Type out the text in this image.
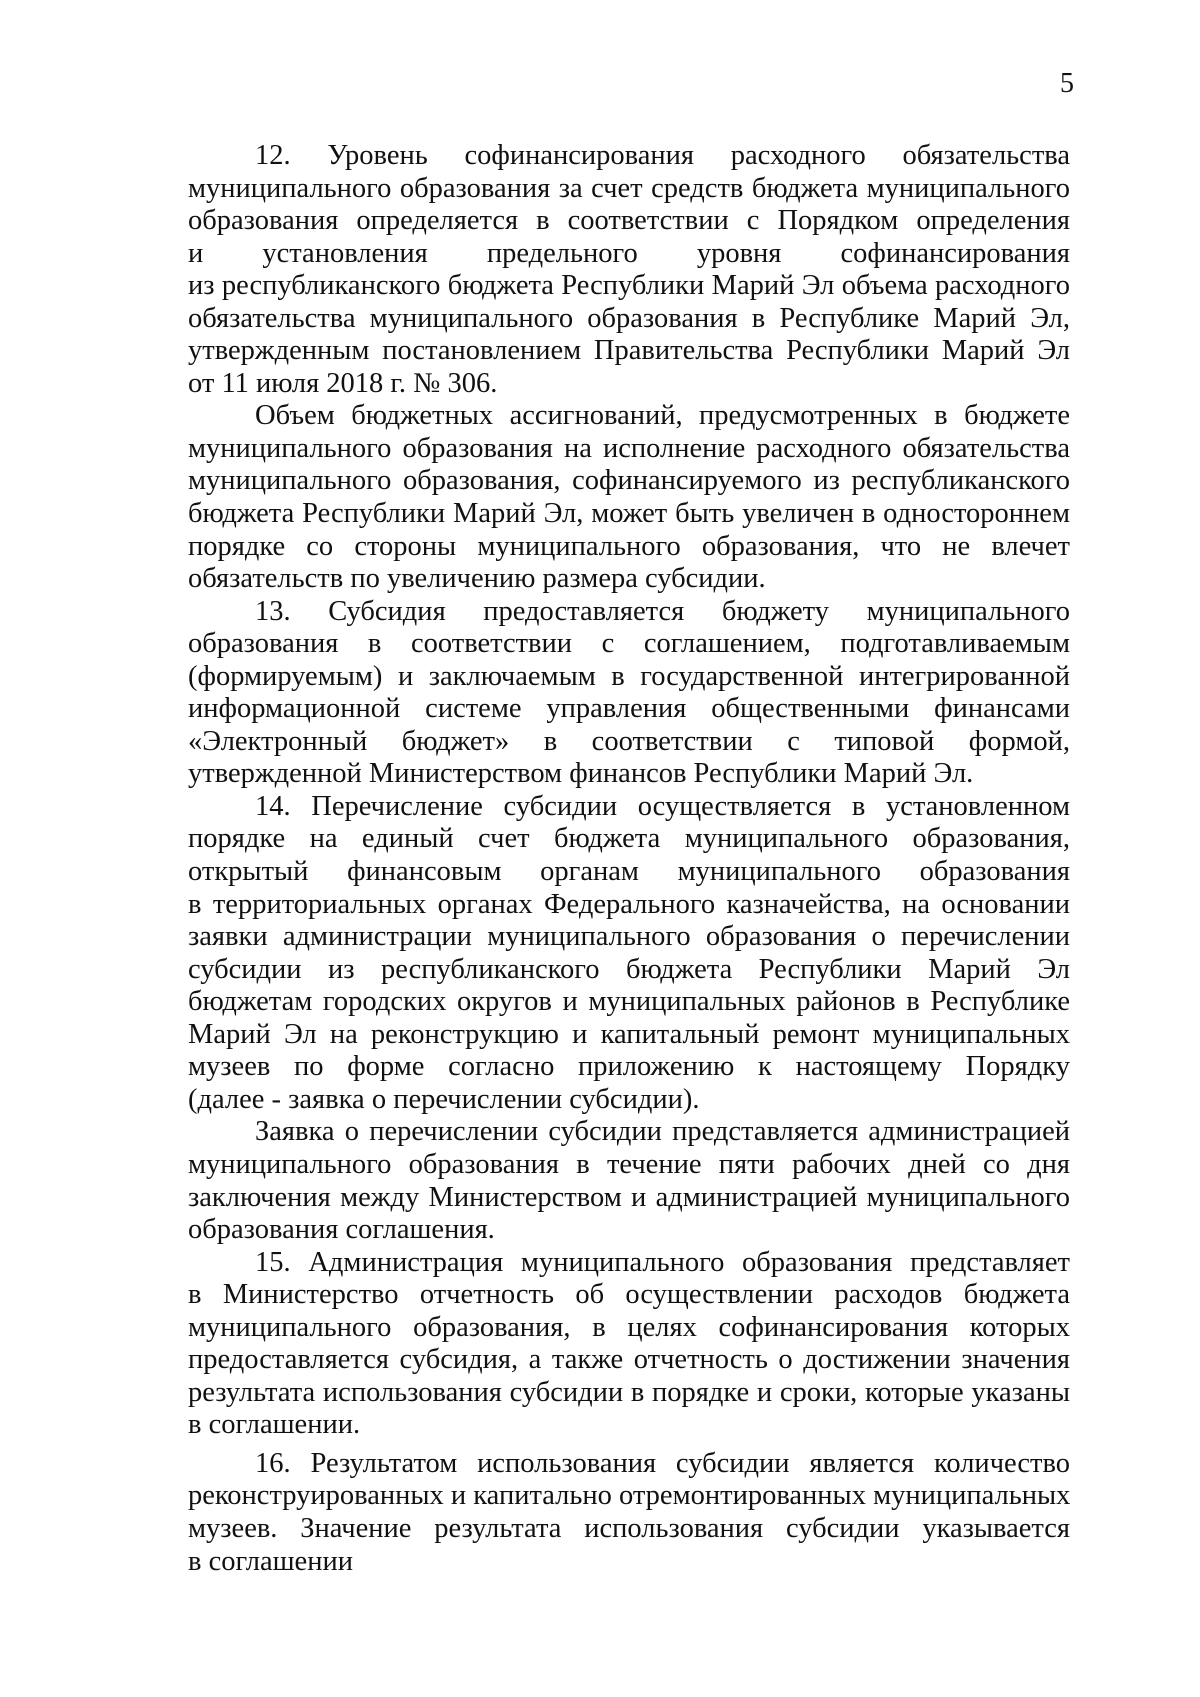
5
12. Уровень софинансирования расходного обязательства
муниципального образования за счет средств бюджета муниципального
образования определяется в соответствии с Порядком определения
и установления предельного уровня софинансирования
из республиканского бюджета Республики Марий Эл объема расходного
обязательства муниципального образования в Республике Марий Эл,
утвержденным постановлением Правительства Республики Марий Эл
от 11 июля 2018 г. № 306.
Объем бюджетных ассигнований, предусмотренных в бюджете
муниципального образования на исполнение расходного обязательства
муниципального образования, софинансируемого из республиканского
бюджета Республики Марий Эл, может быть увеличен в одностороннем
порядке со стороны муниципального образования, что не влечет
обязательств по увеличению размера субсидии.
13. Субсидия предоставляется бюджету муниципального
образования в соответствии с соглашением, подготавливаемым
(формируемым) и заключаемым в государственной интегрированной
информационной системе управления общественными финансами
«Электронный бюджет» в соответствии с типовой формой,
утвержденной Министерством финансов Республики Марий Эл.
14. Перечисление субсидии осуществляется в установленном
порядке на единый счет бюджета муниципального образования,
открытый финансовым органам муниципального образования
в территориальных органах Федерального казначейства, на основании
заявки администрации муниципального образования о перечислении
субсидии из республиканского бюджета Республики Марий Эл
бюджетам городских округов и муниципальных районов в Республике
Марий Эл на реконструкцию и капитальный ремонт муниципальных
музеев по форме согласно приложению к настоящему Порядку
(далее - заявка о перечислении субсидии).
Заявка о перечислении субсидии представляется администрацией
муниципального образования в течение пяти рабочих дней со дня
заключения между Министерством и администрацией муниципального
образования соглашения.
15. Администрация муниципального образования представляет
в Министерство отчетность об осуществлении расходов бюджета
муниципального образования, в целях софинансирования которых
предоставляется субсидия, а также отчетность о достижении значения
результата использования субсидии в порядке и сроки, которые указаны
в соглашении.
16. Результатом использования субсидии является количество
реконструированных и капитально отремонтированных муниципальных
музеев. Значение результата использования субсидии указывается
в соглашении
